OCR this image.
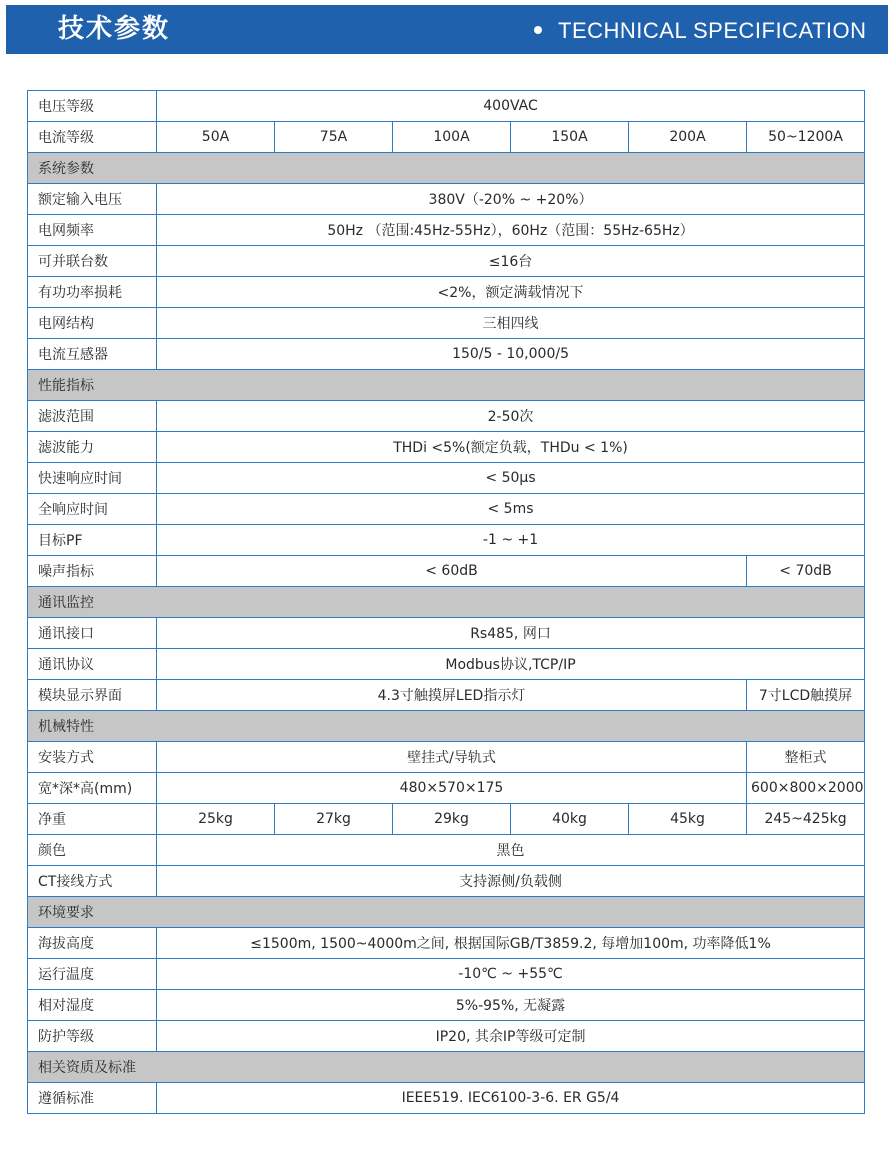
技术参数	TECHNICAL SPECIFICATION
电压等级	400VAC					
电流等级	50A	75A	100A	150A	200A	50~1200A
系统参数						
额定输入电压	380V（-20% ~ +20%）					
电网频率	50Hz （范围:45Hz-55Hz），60Hz（范围：55Hz-65Hz）					
可并联台数	≤16台					
有功功率损耗	<2%，额定满载情况下					
电网结构	三相四线					
电流互感器	150/5 - 10,000/5					
性能指标						
滤波范围	2-50次					
滤波能力	THDi <5%(额定负载，THDu < 1%)					
快速响应时间	< 50μs					
全响应时间	< 5ms					
目标PF	-1 ~ +1					
噪声指标	< 60dB					< 70dB
通讯监控						
通讯接口	Rs485, 网口					
通讯协议	Modbus协议,TCP/IP					
模块显示界面	4.3寸触摸屏LED指示灯					7寸LCD触摸屏
机械特性						
安装方式	壁挂式/导轨式					整柜式
宽*深*高(mm)	480×570×175					600×800×2000
净重	25kg	27kg	29kg	40kg	45kg	245~425kg
颜色	黑色					
CT接线方式	支持源侧/负载侧					
环境要求						
海拔高度	≤1500m, 1500~4000m之间, 根据国际GB/T3859.2, 每增加100m, 功率降低1%					
运行温度	-10℃ ~ +55℃					
相对湿度	5%-95%, 无凝露					
防护等级	IP20, 其余IP等级可定制					
相关资质及标准						
遵循标准	IEEE519. IEC6100-3-6. ER G5/4					
